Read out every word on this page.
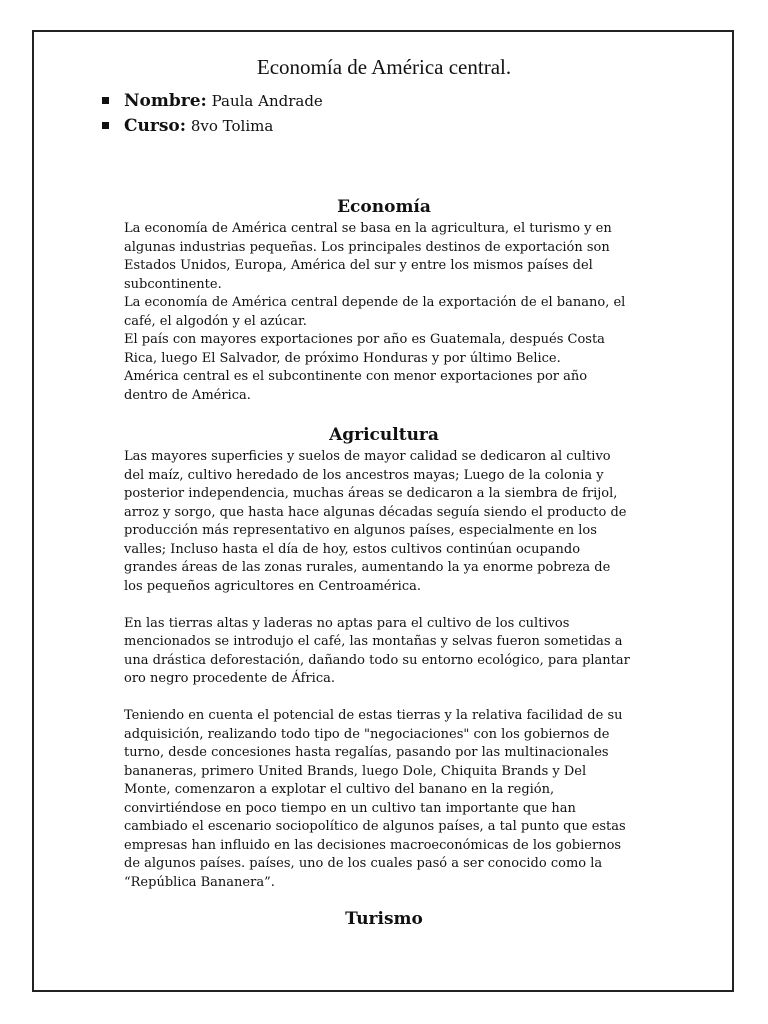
Economía de América central.
Nombre: Paula Andrade
Curso: 8vo Tolima
Economía

La economía de América central se basa en la agricultura, el turismo y en

algunas industrias pequeñas. Los principales destinos de exportación son

Estados Unidos, Europa, América del sur y entre los mismos países del

subcontinente.

La economía de América central depende de la exportación de el banano, el

café, el algodón y el azúcar.

El país con mayores exportaciones por año es Guatemala, después Costa

Rica, luego El Salvador, de próximo Honduras y por último Belice.

América central es el subcontinente con menor exportaciones por año

dentro de América.

Agricultura

Las mayores superficies y suelos de mayor calidad se dedicaron al cultivo

del maíz, cultivo heredado de los ancestros mayas; Luego de la colonia y

posterior independencia, muchas áreas se dedicaron a la siembra de frijol,

arroz y sorgo, que hasta hace algunas décadas seguía siendo el producto de

producción más representativo en algunos países, especialmente en los

valles; Incluso hasta el día de hoy, estos cultivos continúan ocupando

grandes áreas de las zonas rurales, aumentando la ya enorme pobreza de

los pequeños agricultores en Centroamérica.

En las tierras altas y laderas no aptas para el cultivo de los cultivos

mencionados se introdujo el café, las montañas y selvas fueron sometidas a

una drástica deforestación, dañando todo su entorno ecológico, para plantar

oro negro procedente de África.

Teniendo en cuenta el potencial de estas tierras y la relativa facilidad de su

adquisición, realizando todo tipo de "negociaciones" con los gobiernos de

turno, desde concesiones hasta regalías, pasando por las multinacionales

bananeras, primero United Brands, luego Dole, Chiquita Brands y Del

Monte, comenzaron a explotar el cultivo del banano en la región,

convirtiéndose en poco tiempo en un cultivo tan importante que han

cambiado el escenario sociopolítico de algunos países, a tal punto que estas

empresas han influido en las decisiones macroeconómicas de los gobiernos

de algunos países. países, uno de los cuales pasó a ser conocido como la

“República Bananera”.

Turismo
